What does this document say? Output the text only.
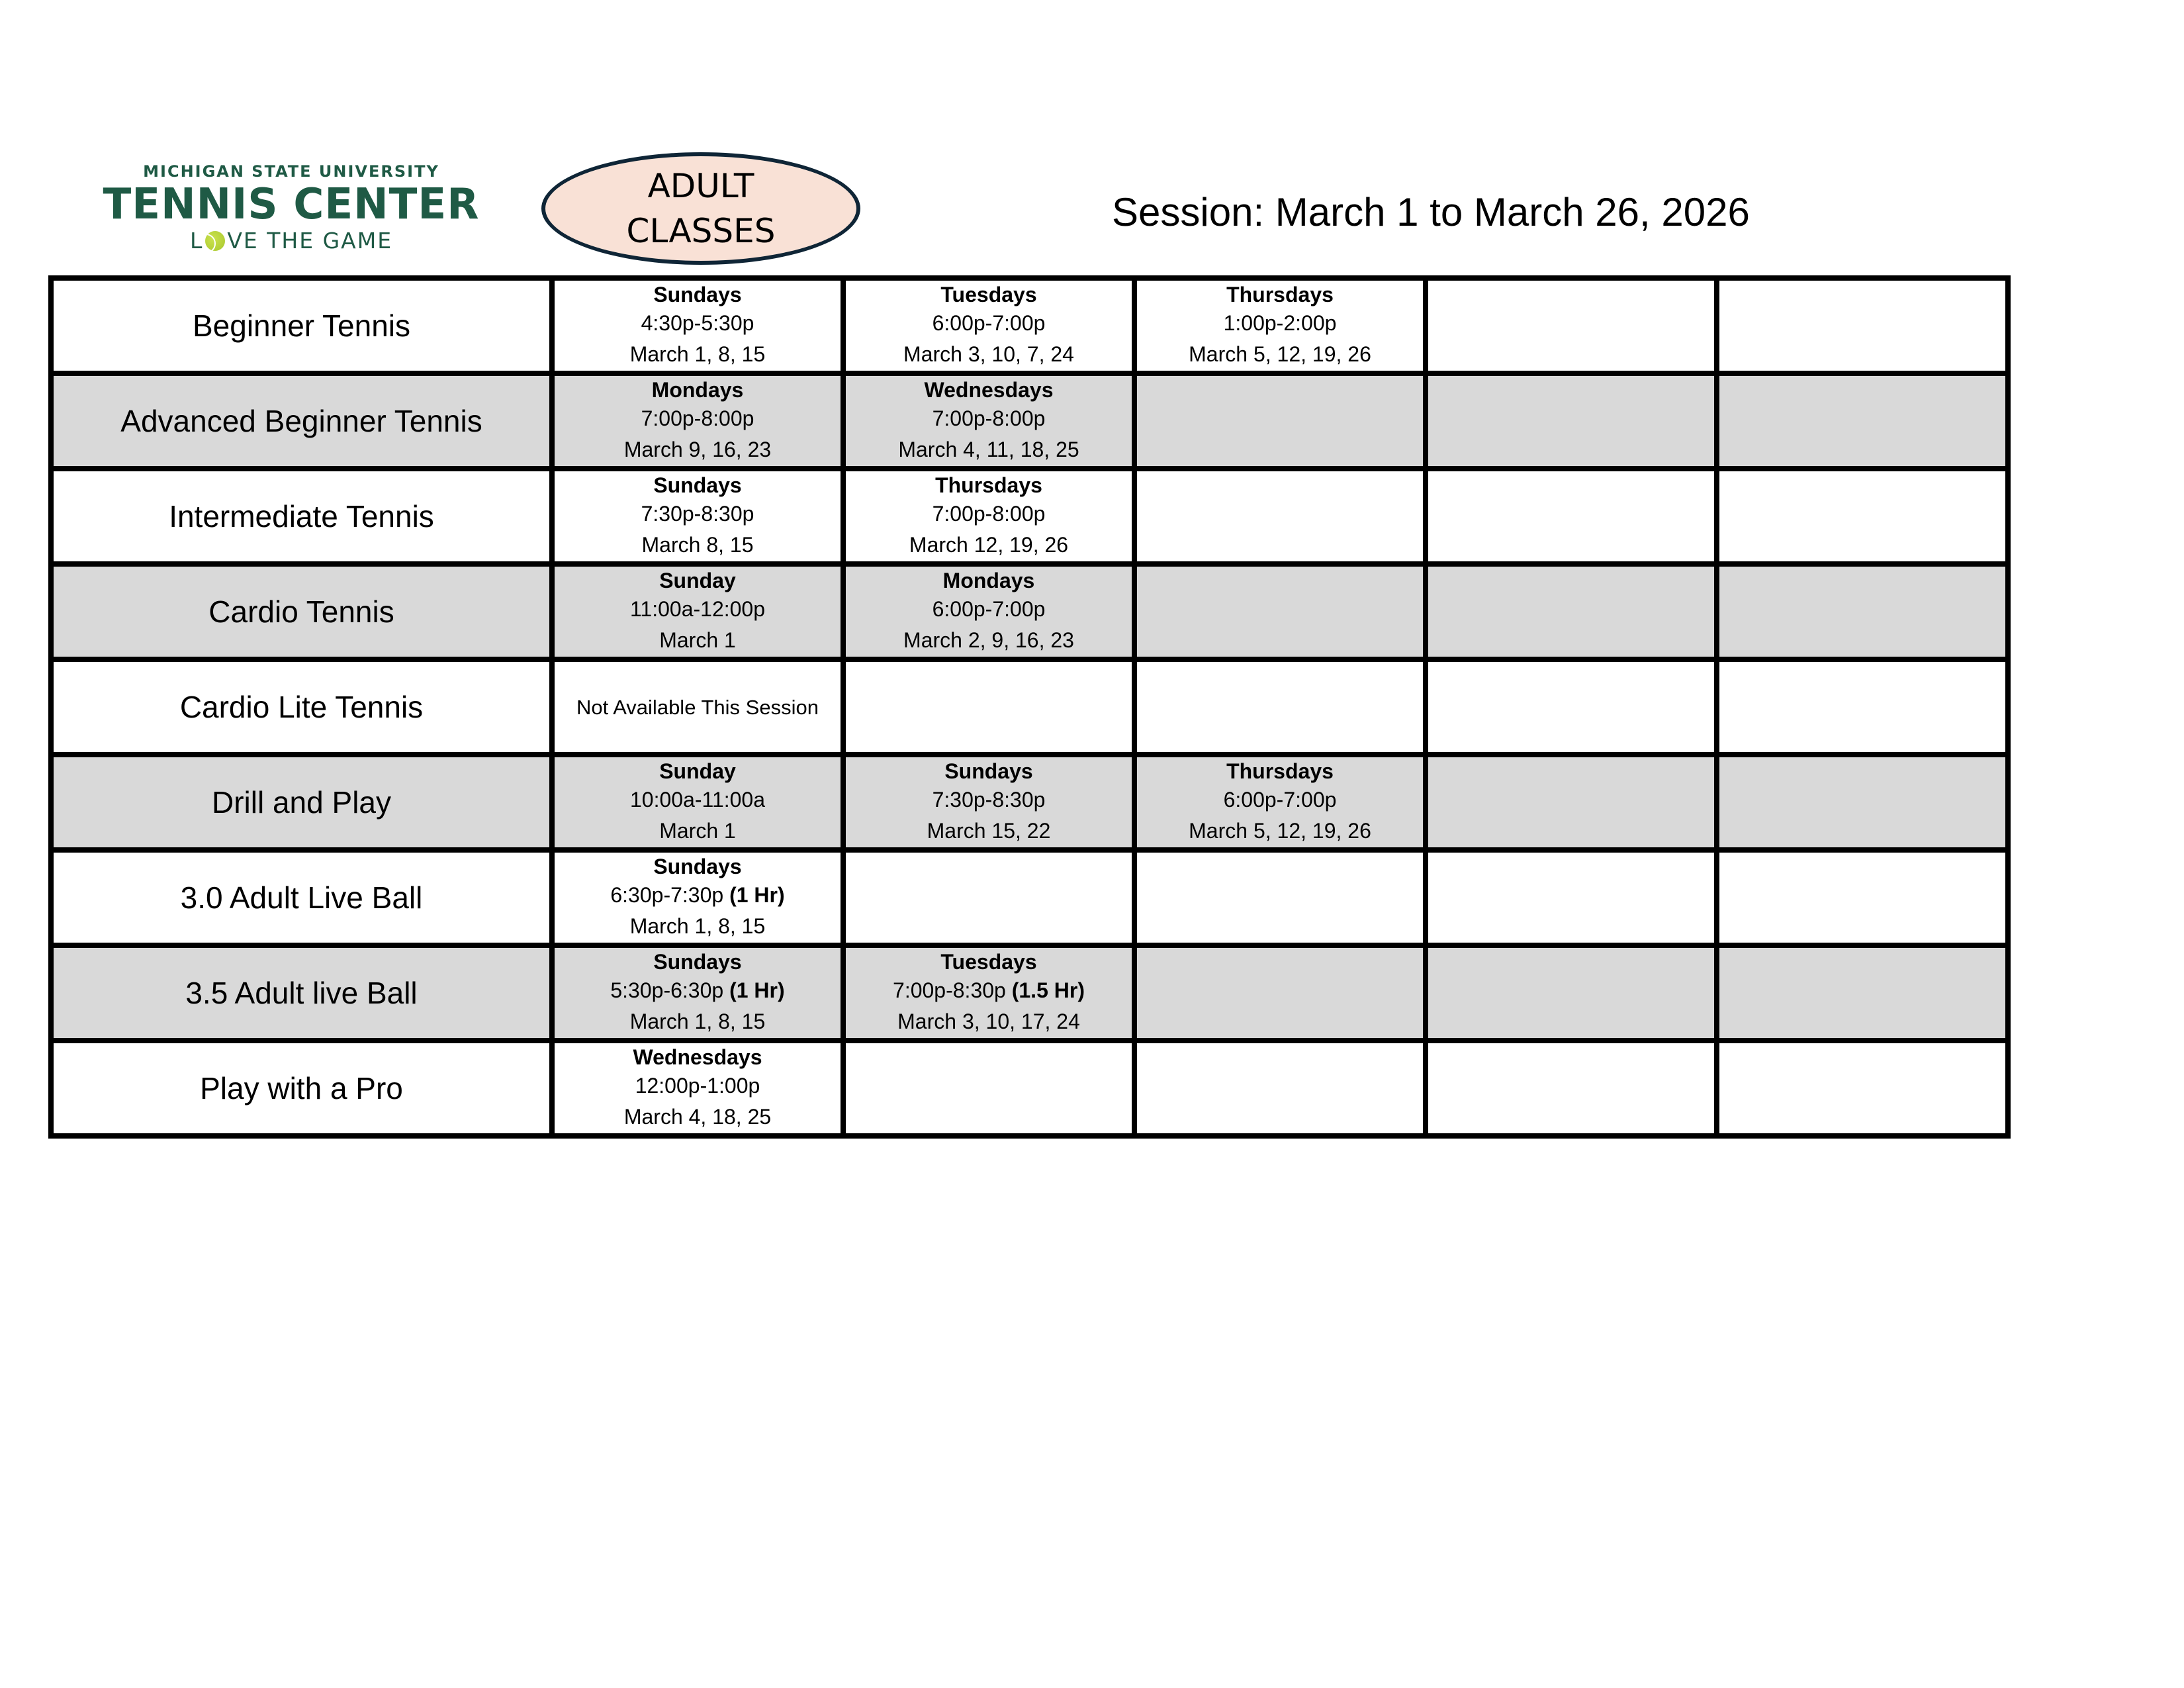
MICHIGAN STATE UNIVERSITY
TENNIS CENTER
L VE THE GAME
ADULT
CLASSES	Session: March 1 to March 26, 2026
Beginner Tennis	Sundays
4:30p-5:30p
March 1, 8, 15	Tuesdays
6:00p-7:00p
March 3, 10, 7, 24	Thursdays
1:00p-2:00p
March 5, 12, 19, 26		

Advanced Beginner Tennis	Mondays
7:00p-8:00p
March 9, 16, 23	Wednesdays
7:00p-8:00p
March 4, 11, 18, 25			

Intermediate Tennis	Sundays
7:30p-8:30p
March 8, 15	Thursdays
7:00p-8:00p
March 12, 19, 26			

Cardio Tennis	Sunday
11:00a-12:00p
March 1	Mondays
6:00p-7:00p
March 2, 9, 16, 23			

Cardio Lite Tennis	Not Available This Session				
Drill and Play	Sunday
10:00a-11:00a
March 1	Sundays
7:30p-8:30p
March 15, 22	Thursdays
6:00p-7:00p
March 5, 12, 19, 26		

3.0 Adult Live Ball	Sundays
6:30p-7:30p (1 Hr)
March 1, 8, 15				

3.5 Adult live Ball	Sundays
5:30p-6:30p (1 Hr)
March 1, 8, 15	Tuesdays
7:00p-8:30p (1.5 Hr)
March 3, 10, 17, 24			

Play with a Pro	Wednesdays
12:00p-1:00p
March 4, 18, 25				
